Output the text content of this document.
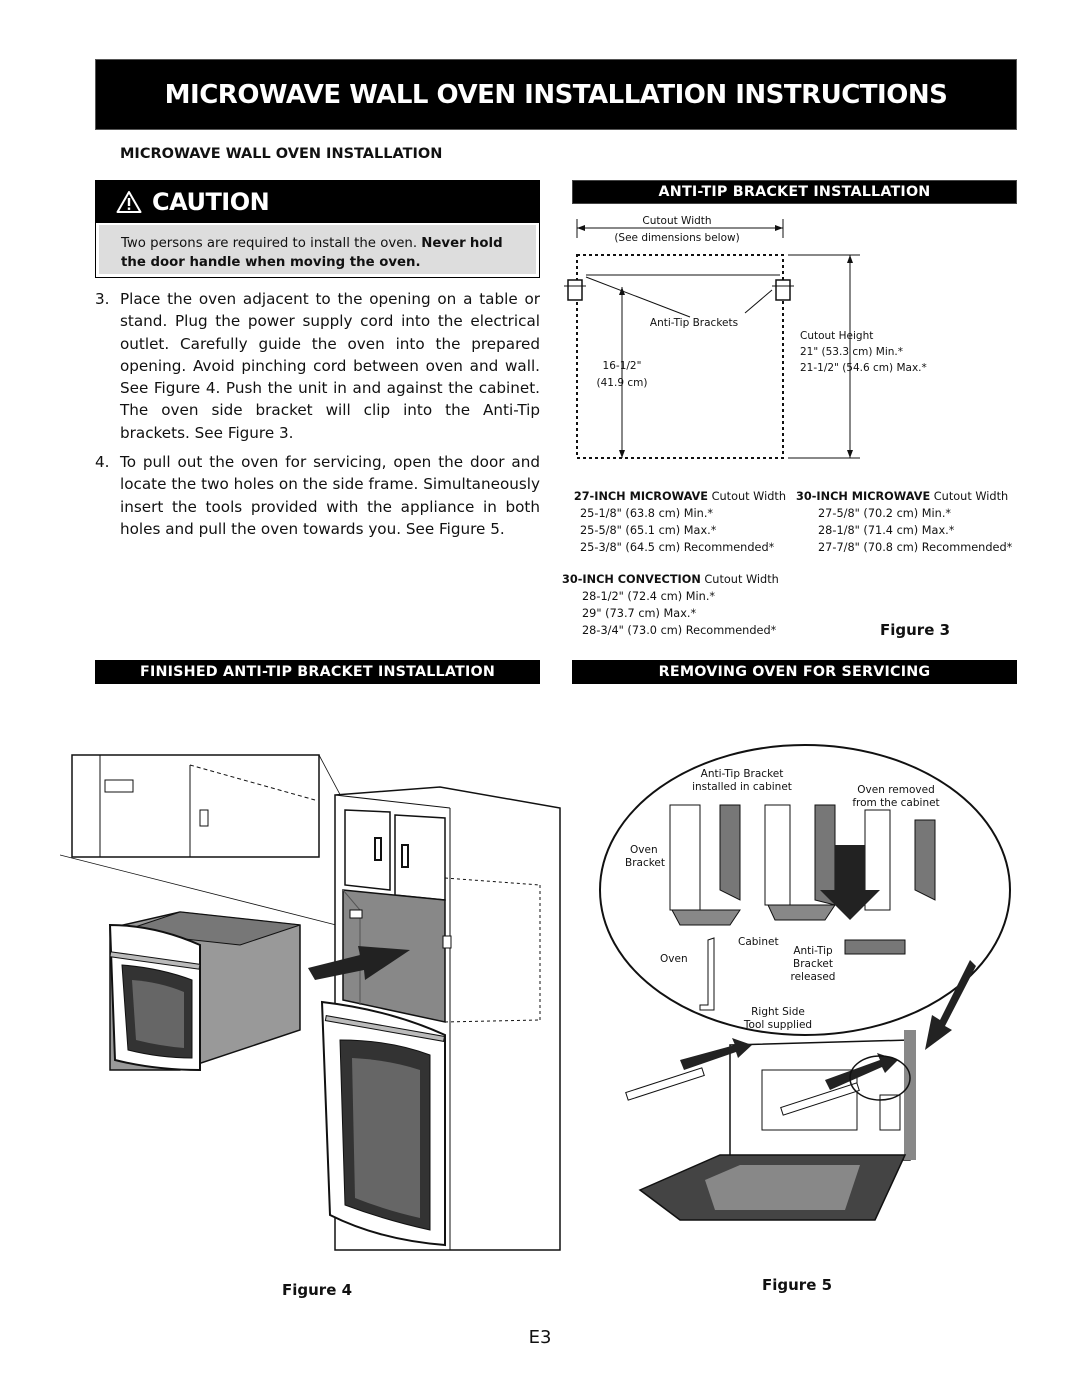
MICROWAVE WALL OVEN INSTALLATION INSTRUCTIONS
MICROWAVE WALL OVEN INSTALLATION
CAUTION
Two persons are required to install the oven. Never hold the door handle when moving the oven.
3. Place the oven adjacent to the opening on a table or stand. Plug the power supply cord into the electrical outlet. Carefully guide the oven into the prepared opening. Avoid pinching cord between oven and wall. See Figure 4. Push the unit in and against the cabinet. The oven side bracket will clip into the Anti-Tip brackets. See Figure 3.
4. To pull out the oven for servicing, open the door and locate the two holes on the side frame. Simultaneously insert the tools provided with the appliance in both holes and pull the oven towards you. See Figure 5.
ANTI-TIP BRACKET INSTALLATION
Cutout Width
(See dimensions below)
Anti-Tip Brackets
16-1/2"
(41.9 cm)
Cutout Height
21" (53.3 cm) Min.*
21-1/2" (54.6 cm) Max.*
27-INCH MICROWAVE Cutout Width
25-1/8" (63.8 cm) Min.*
25-5/8" (65.1 cm) Max.*
25-3/8" (64.5 cm) Recommended*
30-INCH MICROWAVE Cutout Width
27-5/8" (70.2 cm) Min.*
28-1/8" (71.4 cm) Max.*
27-7/8" (70.8 cm) Recommended*
30-INCH CONVECTION Cutout Width
28-1/2" (72.4 cm) Min.*
29" (73.7 cm) Max.*
28-3/4" (73.0 cm) Recommended*	Figure 3
FINISHED ANTI-TIP BRACKET INSTALLATION	REMOVING OVEN FOR SERVICING
Figure 4
Anti-Tip Bracket
installed in cabinet	Oven removed
from the cabinet
Oven
Bracket
Cabinet
Oven
Anti-Tip
Bracket
released
Right Side
Tool supplied
Figure 5
E3
